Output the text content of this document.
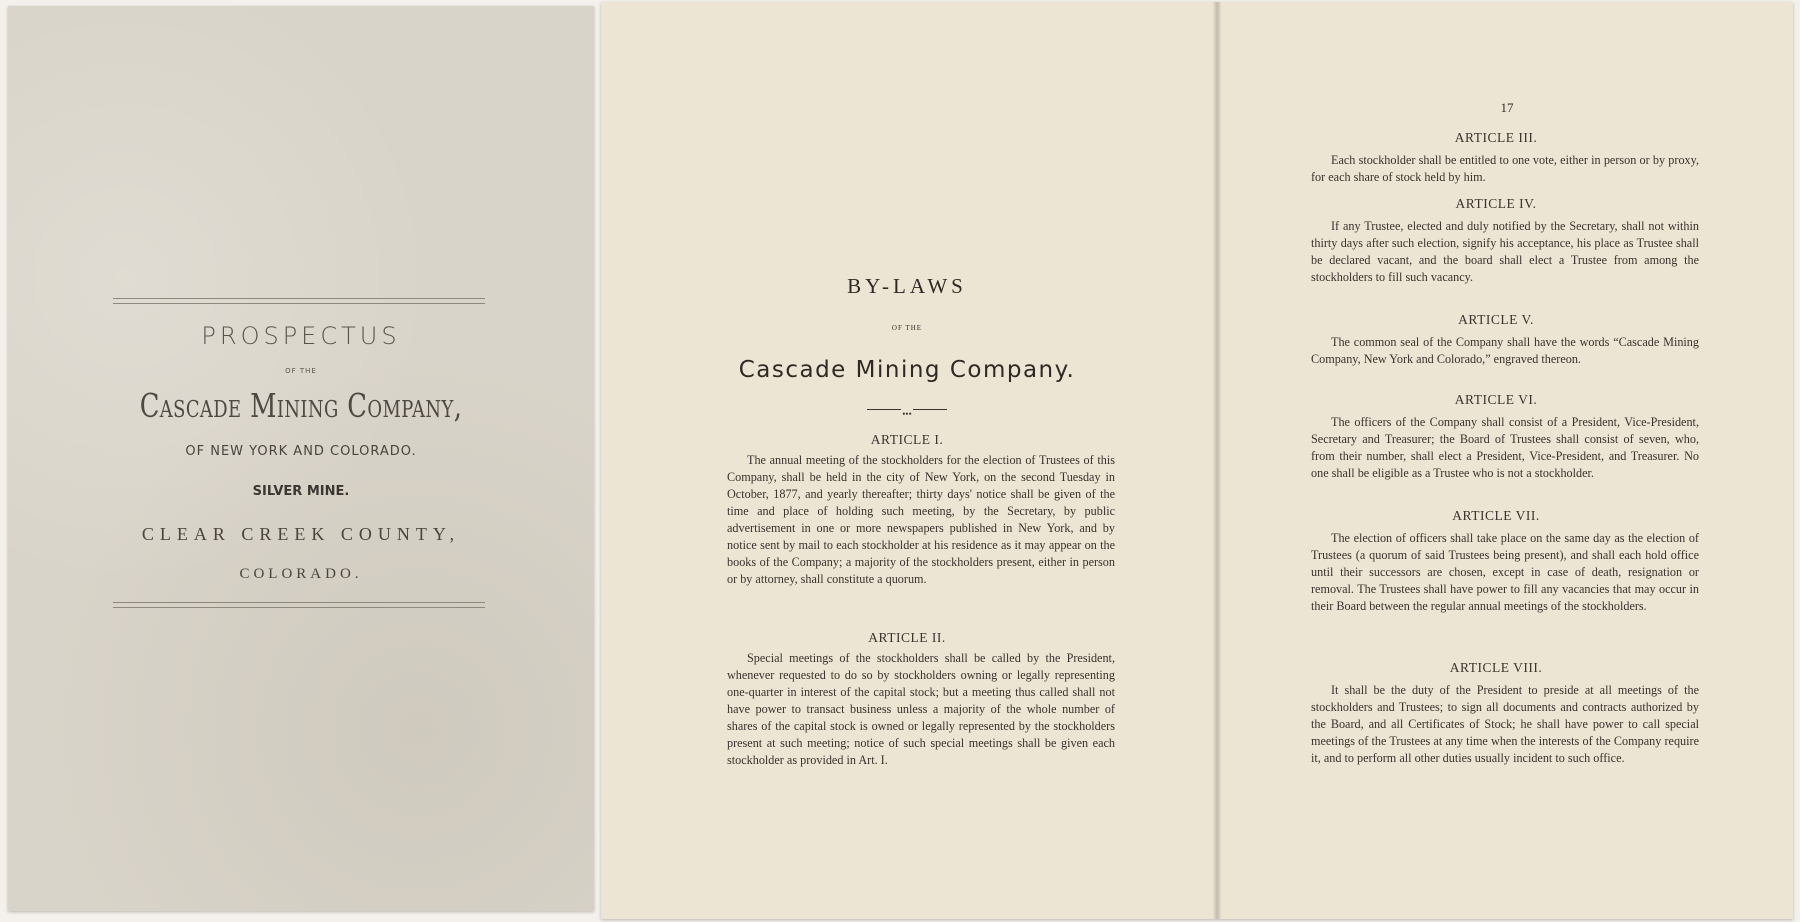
PROSPECTUS
OF THE
Cascade Mining Company,
OF NEW YORK AND COLORADO.
SILVER MINE.
CLEAR CREEK COUNTY,
COLORADO.
BY-LAWS
OF THE
Cascade Mining Company.
•••
ARTICLE I.
The annual meeting of the stockholders for the election of Trustees of this Company, shall be held in the city of New York, on the second Tuesday in October, 1877, and yearly thereafter; thirty days' notice shall be given of the time and place of holding such meeting, by the Secretary, by public advertisement in one or more newspapers published in New York, and by notice sent by mail to each stockholder at his residence as it may appear on the books of the Company; a majority of the stockholders present, either in person or by attorney, shall constitute a quorum.
ARTICLE II.
Special meetings of the stockholders shall be called by the President, whenever requested to do so by stockholders owning or legally representing one-quarter in interest of the capital stock; but a meeting thus called shall not have power to transact business unless a majority of the whole number of shares of the capital stock is owned or legally represented by the stockholders present at such meeting; notice of such special meetings shall be given each stockholder as provided in Art. I.
17
ARTICLE III.
Each stockholder shall be entitled to one vote, either in person or by proxy, for each share of stock held by him.
ARTICLE IV.
If any Trustee, elected and duly notified by the Secretary, shall not within thirty days after such election, signify his acceptance, his place as Trustee shall be declared vacant, and the board shall elect a Trustee from among the stockholders to fill such vacancy.
ARTICLE V.
The common seal of the Company shall have the words “Cascade Mining Company, New York and Colorado,” engraved thereon.
ARTICLE VI.
The officers of the Company shall consist of a President, Vice-President, Secretary and Treasurer; the Board of Trustees shall consist of seven, who, from their number, shall elect a President, Vice-President, and Treasurer. No one shall be eligible as a Trustee who is not a stockholder.
ARTICLE VII.
The election of officers shall take place on the same day as the election of Trustees (a quorum of said Trustees being present), and shall each hold office until their successors are chosen, except in case of death, resignation or removal. The Trustees shall have power to fill any vacancies that may occur in their Board between the regular annual meetings of the stockholders.
ARTICLE VIII.
It shall be the duty of the President to preside at all meetings of the stockholders and Trustees; to sign all documents and contracts authorized by the Board, and all Certificates of Stock; he shall have power to call special meetings of the Trustees at any time when the interests of the Company require it, and to perform all other duties usually incident to such office.
